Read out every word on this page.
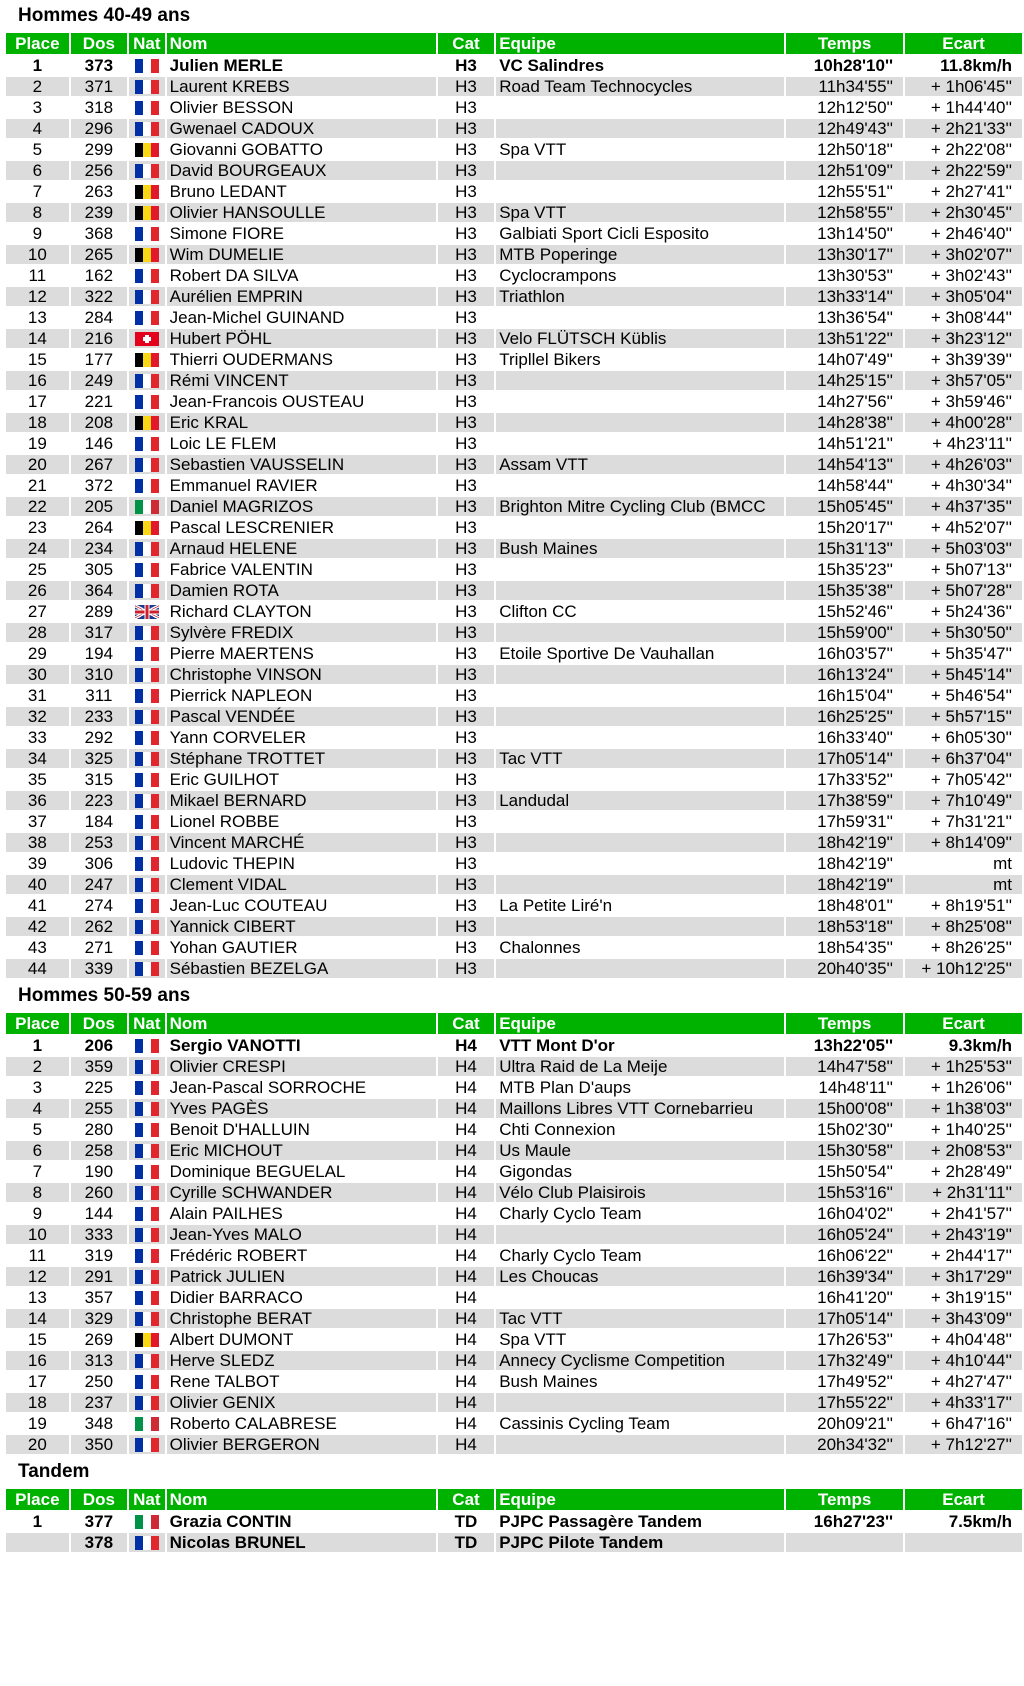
Hommes 40-49 ans
Place	Dos	Nat	Nom	Cat	Equipe	Temps	Ecart
1	373		Julien MERLE	H3	VC Salindres	10h28'10''	11.8km/h
2	371		Laurent KREBS	H3	Road Team Technocycles	11h34'55''	+ 1h06'45''
3	318		Olivier BESSON	H3		12h12'50''	+ 1h44'40''
4	296		Gwenael CADOUX	H3		12h49'43''	+ 2h21'33''
5	299		Giovanni GOBATTO	H3	Spa VTT	12h50'18''	+ 2h22'08''
6	256		David BOURGEAUX	H3		12h51'09''	+ 2h22'59''
7	263		Bruno LEDANT	H3		12h55'51''	+ 2h27'41''
8	239		Olivier HANSOULLE	H3	Spa VTT	12h58'55''	+ 2h30'45''
9	368		Simone FIORE	H3	Galbiati Sport Cicli Esposito	13h14'50''	+ 2h46'40''
10	265		Wim DUMELIE	H3	MTB Poperinge	13h30'17''	+ 3h02'07''
11	162		Robert DA SILVA	H3	Cyclocrampons	13h30'53''	+ 3h02'43''
12	322		Aurélien EMPRIN	H3	Triathlon	13h33'14''	+ 3h05'04''
13	284		Jean-Michel GUINAND	H3		13h36'54''	+ 3h08'44''
14	216		Hubert PÖHL	H3	Velo FLÜTSCH Küblis	13h51'22''	+ 3h23'12''
15	177		Thierri OUDERMANS	H3	Tripllel Bikers	14h07'49''	+ 3h39'39''
16	249		Rémi VINCENT	H3		14h25'15''	+ 3h57'05''
17	221		Jean-Francois OUSTEAU	H3		14h27'56''	+ 3h59'46''
18	208		Eric KRAL	H3		14h28'38''	+ 4h00'28''
19	146		Loic LE FLEM	H3		14h51'21''	+ 4h23'11''
20	267		Sebastien VAUSSELIN	H3	Assam VTT	14h54'13''	+ 4h26'03''
21	372		Emmanuel RAVIER	H3		14h58'44''	+ 4h30'34''
22	205		Daniel MAGRIZOS	H3	Brighton Mitre Cycling Club (BMCC	15h05'45''	+ 4h37'35''
23	264		Pascal LESCRENIER	H3		15h20'17''	+ 4h52'07''
24	234		Arnaud HELENE	H3	Bush Maines	15h31'13''	+ 5h03'03''
25	305		Fabrice VALENTIN	H3		15h35'23''	+ 5h07'13''
26	364		Damien ROTA	H3		15h35'38''	+ 5h07'28''
27	289		Richard CLAYTON	H3	Clifton CC	15h52'46''	+ 5h24'36''
28	317		Sylvère FREDIX	H3		15h59'00''	+ 5h30'50''
29	194		Pierre MAERTENS	H3	Etoile Sportive De Vauhallan	16h03'57''	+ 5h35'47''
30	310		Christophe VINSON	H3		16h13'24''	+ 5h45'14''
31	311		Pierrick NAPLEON	H3		16h15'04''	+ 5h46'54''
32	233		Pascal VENDÉE	H3		16h25'25''	+ 5h57'15''
33	292		Yann CORVELER	H3		16h33'40''	+ 6h05'30''
34	325		Stéphane TROTTET	H3	Tac VTT	17h05'14''	+ 6h37'04''
35	315		Eric GUILHOT	H3		17h33'52''	+ 7h05'42''
36	223		Mikael BERNARD	H3	Landudal	17h38'59''	+ 7h10'49''
37	184		Lionel ROBBE	H3		17h59'31''	+ 7h31'21''
38	253		Vincent MARCHÉ	H3		18h42'19''	+ 8h14'09''
39	306		Ludovic THEPIN	H3		18h42'19''	mt
40	247		Clement VIDAL	H3		18h42'19''	mt
41	274		Jean-Luc COUTEAU	H3	La Petite Liré'n	18h48'01''	+ 8h19'51''
42	262		Yannick CIBERT	H3		18h53'18''	+ 8h25'08''
43	271		Yohan GAUTIER	H3	Chalonnes	18h54'35''	+ 8h26'25''
44	339		Sébastien BEZELGA	H3		20h40'35''	+ 10h12'25''
Hommes 50-59 ans
Place	Dos	Nat	Nom	Cat	Equipe	Temps	Ecart
1	206		Sergio VANOTTI	H4	VTT Mont D'or	13h22'05''	9.3km/h
2	359		Olivier CRESPI	H4	Ultra Raid de La Meije	14h47'58''	+ 1h25'53''
3	225		Jean-Pascal SORROCHE	H4	MTB Plan D'aups	14h48'11''	+ 1h26'06''
4	255		Yves PAGÈS	H4	Maillons Libres VTT Cornebarrieu	15h00'08''	+ 1h38'03''
5	280		Benoit D'HALLUIN	H4	Chti Connexion	15h02'30''	+ 1h40'25''
6	258		Eric MICHOUT	H4	Us Maule	15h30'58''	+ 2h08'53''
7	190		Dominique BEGUELAL	H4	Gigondas	15h50'54''	+ 2h28'49''
8	260		Cyrille SCHWANDER	H4	Vélo Club Plaisirois	15h53'16''	+ 2h31'11''
9	144		Alain PAILHES	H4	Charly Cyclo Team	16h04'02''	+ 2h41'57''
10	333		Jean-Yves MALO	H4		16h05'24''	+ 2h43'19''
11	319		Frédéric ROBERT	H4	Charly Cyclo Team	16h06'22''	+ 2h44'17''
12	291		Patrick JULIEN	H4	Les Choucas	16h39'34''	+ 3h17'29''
13	357		Didier BARRACO	H4		16h41'20''	+ 3h19'15''
14	329		Christophe BERAT	H4	Tac VTT	17h05'14''	+ 3h43'09''
15	269		Albert DUMONT	H4	Spa VTT	17h26'53''	+ 4h04'48''
16	313		Herve SLEDZ	H4	Annecy Cyclisme Competition	17h32'49''	+ 4h10'44''
17	250		Rene TALBOT	H4	Bush Maines	17h49'52''	+ 4h27'47''
18	237		Olivier GENIX	H4		17h55'22''	+ 4h33'17''
19	348		Roberto CALABRESE	H4	Cassinis Cycling Team	20h09'21''	+ 6h47'16''
20	350		Olivier BERGERON	H4		20h34'32''	+ 7h12'27''
Tandem
Place	Dos	Nat	Nom	Cat	Equipe	Temps	Ecart
1	377		Grazia CONTIN	TD	PJPC Passagère Tandem	16h27'23''	7.5km/h
	378		Nicolas BRUNEL	TD	PJPC Pilote Tandem		
